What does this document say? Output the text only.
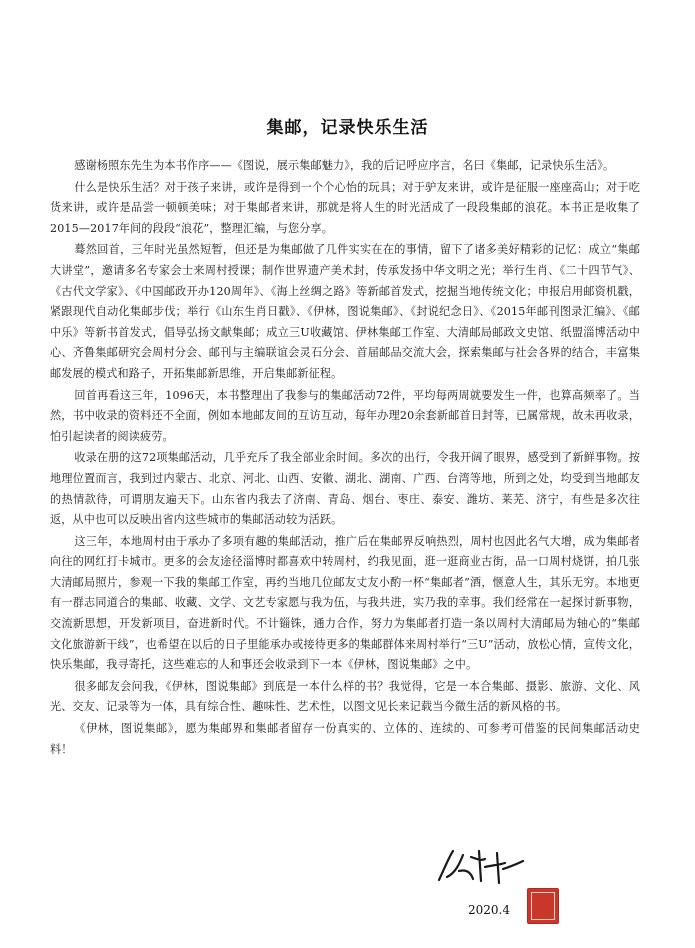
集邮，记录快乐生活

感谢杨照东先生为本书作序——《图说，展示集邮魅力》，我的后记呼应序言，名曰《集邮，记录快乐生活》。

什么是快乐生活？对于孩子来讲，或许是得到一个个心怡的玩具；对于驴友来讲，或许是征服一座座高山；对于吃货来讲，或许是品尝一顿顿美味；对于集邮者来讲，那就是将人生的时光活成了一段段集邮的浪花。本书正是收集了2015—2017年间的段段“浪花”，整理汇编，与您分享。

蓦然回首，三年时光虽然短暂，但还是为集邮做了几件实实在在的事情，留下了诸多美好精彩的记忆：成立“集邮大讲堂”，邀请多名专家会士来周村授课；制作世界遗产美术封，传承发扬中华文明之光；举行生肖、《二十四节气》、《古代文学家》、《中国邮政开办120周年》、《海上丝绸之路》等新邮首发式，挖掘当地传统文化；申报启用邮资机戳，紧跟现代自动化集邮步伐；举行《山东生肖日戳》、《伊林，图说集邮》、《封说纪念日》、《2015年邮刊图录汇编》、《邮中乐》等新书首发式，倡导弘扬文献集邮；成立三U收藏馆、伊林集邮工作室、大清邮局邮政文史馆、纸盟淄博活动中心、齐鲁集邮研究会周村分会、邮刊与主编联谊会灵石分会、首届邮品交流大会，探索集邮与社会各界的结合，丰富集邮发展的模式和路子，开拓集邮新思维，开启集邮新征程。

回首再看这三年，1096天，本书整理出了我参与的集邮活动72件，平均每两周就要发生一件，也算高频率了。当然，书中收录的资料还不全面，例如本地邮友间的互访互动，每年办理20余套新邮首日封等，已属常规，故未再收录，怕引起读者的阅读疲劳。

收录在册的这72项集邮活动，几乎充斥了我全部业余时间。多次的出行，令我开阔了眼界，感受到了新鲜事物。按地理位置而言，我到过内蒙古、北京、河北、山西、安徽、湖北、湖南、广西、台湾等地，所到之处，均受到当地邮友的热情款待，可谓朋友遍天下。山东省内我去了济南、青岛、烟台、枣庄、泰安、潍坊、莱芜、济宁，有些是多次往返，从中也可以反映出省内这些城市的集邮活动较为活跃。

这三年，本地周村由于承办了多项有趣的集邮活动，推广后在集邮界反响热烈，周村也因此名气大增，成为集邮者向往的网红打卡城市。更多的会友途径淄博时都喜欢中转周村，约我见面，逛一逛商业古街，品一口周村烧饼，拍几张大清邮局照片，参观一下我的集邮工作室，再约当地几位邮友丈友小酌一杯“集邮者”酒，惬意人生，其乐无穷。本地更有一群志同道合的集邮、收藏、文学、文艺专家愿与我为伍，与我共进，实乃我的幸事。我们经常在一起探讨新事物，交流新思想，开发新项目，奋进新时代。不计锱铢，通力合作，努力为集邮者打造一条以周村大清邮局为轴心的“集邮文化旅游新干线”，也希望在以后的日子里能承办或接待更多的集邮群体来周村举行“三U”活动，放松心情，宣传文化，快乐集邮，我寻寄托，这些难忘的人和事还会收录到下一本《伊林，图说集邮》之中。

很多邮友会问我，《伊林，图说集邮》到底是一本什么样的书？我觉得，它是一本合集邮、摄影、旅游、文化、风光、交友、记录等为一体，具有综合性、趣味性、艺术性，以图文见长来记载当今微生活的新风格的书。

《伊林，图说集邮》，愿为集邮界和集邮者留存一份真实的、立体的、连续的、可参考可借鉴的民间集邮活动史料！

2020.4
